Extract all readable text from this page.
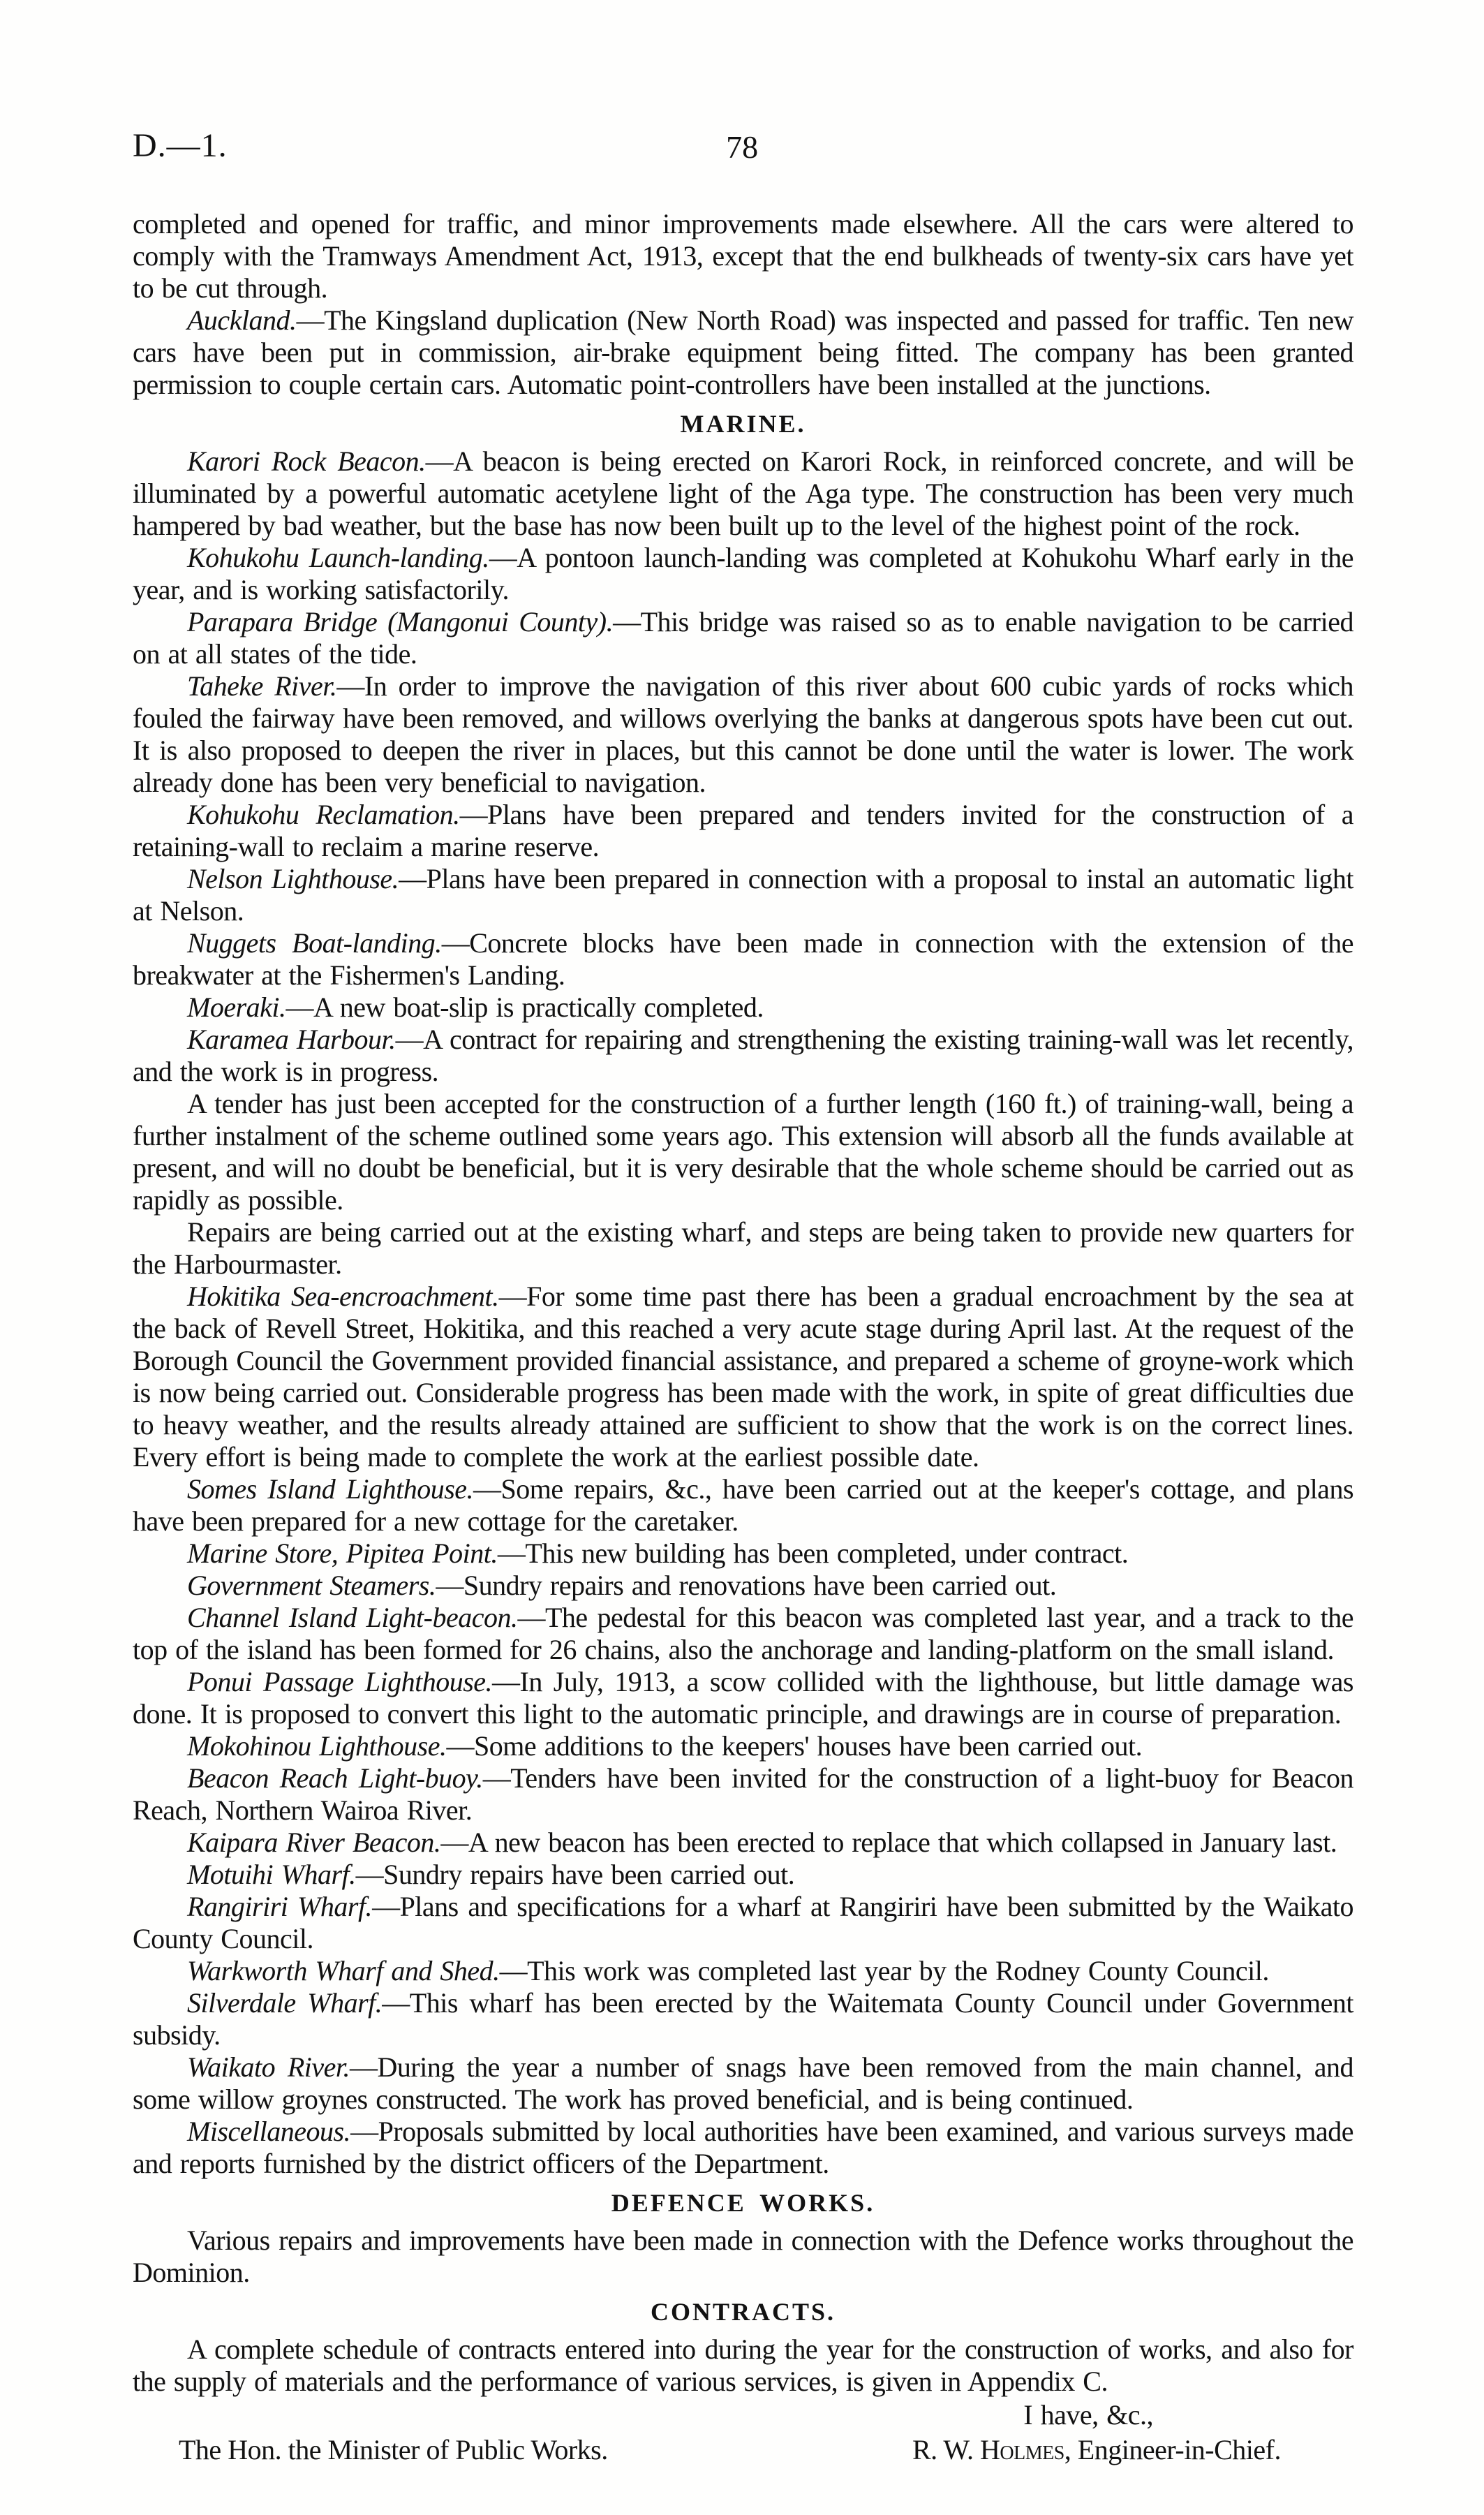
D.—1.	78

completed and opened for traffic, and minor improvements made elsewhere. All the cars were altered to comply with the Tramways Amendment Act, 1913, except that the end bulkheads of twenty-six cars have yet to be cut through.

Auckland.—The Kingsland duplication (New North Road) was inspected and passed for traffic. Ten new cars have been put in commission, air-brake equipment being fitted. The company has been granted permission to couple certain cars. Automatic point-controllers have been installed at the junctions.

MARINE.

Karori Rock Beacon.—A beacon is being erected on Karori Rock, in reinforced concrete, and will be illuminated by a powerful automatic acetylene light of the Aga type. The construction has been very much hampered by bad weather, but the base has now been built up to the level of the highest point of the rock.

Kohukohu Launch-landing.—A pontoon launch-landing was completed at Kohukohu Wharf early in the year, and is working satisfactorily.

Parapara Bridge (Mangonui County).—This bridge was raised so as to enable navigation to be carried on at all states of the tide.

Taheke River.—In order to improve the navigation of this river about 600 cubic yards of rocks which fouled the fairway have been removed, and willows overlying the banks at dangerous spots have been cut out. It is also proposed to deepen the river in places, but this cannot be done until the water is lower. The work already done has been very beneficial to navigation.

Kohukohu Reclamation.—Plans have been prepared and tenders invited for the construction of a retaining-wall to reclaim a marine reserve.

Nelson Lighthouse.—Plans have been prepared in connection with a proposal to instal an automatic light at Nelson.

Nuggets Boat-landing.—Concrete blocks have been made in connection with the extension of the breakwater at the Fishermen's Landing.

Moeraki.—A new boat-slip is practically completed.

Karamea Harbour.—A contract for repairing and strengthening the existing training-wall was let recently, and the work is in progress.

A tender has just been accepted for the construction of a further length (160 ft.) of training-wall, being a further instalment of the scheme outlined some years ago. This extension will absorb all the funds available at present, and will no doubt be beneficial, but it is very desirable that the whole scheme should be carried out as rapidly as possible.

Repairs are being carried out at the existing wharf, and steps are being taken to provide new quarters for the Harbourmaster.

Hokitika Sea-encroachment.—For some time past there has been a gradual encroachment by the sea at the back of Revell Street, Hokitika, and this reached a very acute stage during April last. At the request of the Borough Council the Government provided financial assistance, and prepared a scheme of groyne-work which is now being carried out. Considerable progress has been made with the work, in spite of great difficulties due to heavy weather, and the results already attained are sufficient to show that the work is on the correct lines. Every effort is being made to complete the work at the earliest possible date.

Somes Island Lighthouse.—Some repairs, &c., have been carried out at the keeper's cottage, and plans have been prepared for a new cottage for the caretaker.

Marine Store, Pipitea Point.—This new building has been completed, under contract.

Government Steamers.—Sundry repairs and renovations have been carried out.

Channel Island Light-beacon.—The pedestal for this beacon was completed last year, and a track to the top of the island has been formed for 26 chains, also the anchorage and landing-platform on the small island.

Ponui Passage Lighthouse.—In July, 1913, a scow collided with the lighthouse, but little damage was done. It is proposed to convert this light to the automatic principle, and drawings are in course of preparation.

Mokohinou Lighthouse.—Some additions to the keepers' houses have been carried out.

Beacon Reach Light-buoy.—Tenders have been invited for the construction of a light-buoy for Beacon Reach, Northern Wairoa River.

Kaipara River Beacon.—A new beacon has been erected to replace that which collapsed in January last.

Motuihi Wharf.—Sundry repairs have been carried out.

Rangiriri Wharf.—Plans and specifications for a wharf at Rangiriri have been submitted by the Waikato County Council.

Warkworth Wharf and Shed.—This work was completed last year by the Rodney County Council.

Silverdale Wharf.—This wharf has been erected by the Waitemata County Council under Government subsidy.

Waikato River.—During the year a number of snags have been removed from the main channel, and some willow groynes constructed. The work has proved beneficial, and is being continued.

Miscellaneous.—Proposals submitted by local authorities have been examined, and various surveys made and reports furnished by the district officers of the Department.

DEFENCE WORKS.

Various repairs and improvements have been made in connection with the Defence works throughout the Dominion.

CONTRACTS.

A complete schedule of contracts entered into during the year for the construction of works, and also for the supply of materials and the performance of various services, is given in Appendix C.

I have, &c.,

The Hon. the Minister of Public Works.	R. W. Holmes, Engineer-in-Chief.
